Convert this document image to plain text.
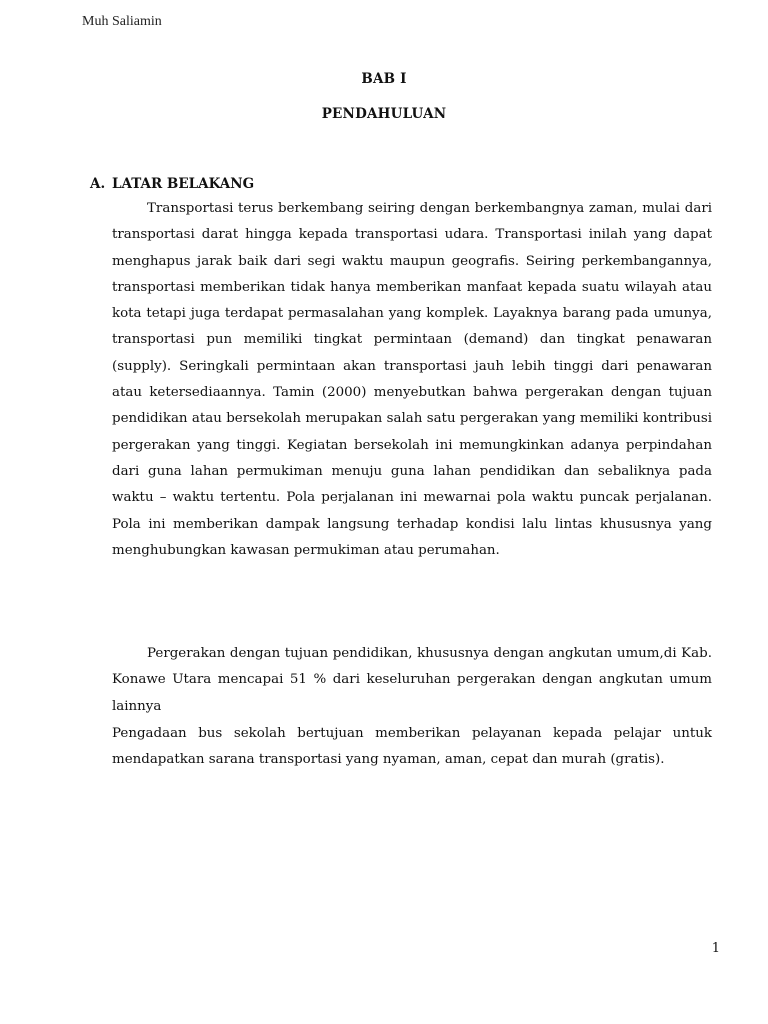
Muh Saliamin
BAB I
PENDAHULUAN
A. LATAR BELAKANG

Transportasi terus berkembang seiring dengan berkembangnya zaman, mulai dari transportasi darat hingga kepada transportasi udara. Transportasi inilah yang dapat menghapus jarak baik dari segi waktu maupun geografis. Seiring perkembangannya, transportasi memberikan tidak hanya memberikan manfaat kepada suatu wilayah atau kota tetapi juga terdapat permasalahan yang komplek. Layaknya barang pada umunya, transportasi pun memiliki tingkat permintaan (demand) dan tingkat penawaran (supply). Seringkali permintaan akan transportasi jauh lebih tinggi dari penawaran atau ketersediaannya. Tamin (2000) menyebutkan bahwa pergerakan dengan tujuan pendidikan atau bersekolah merupakan salah satu pergerakan yang memiliki kontribusi pergerakan yang tinggi. Kegiatan bersekolah ini memungkinkan adanya perpindahan dari guna lahan permukiman menuju guna lahan pendidikan dan sebaliknya pada waktu – waktu tertentu. Pola perjalanan ini mewarnai pola waktu puncak perjalanan. Pola ini memberikan dampak langsung terhadap kondisi lalu lintas khususnya yang menghubungkan kawasan permukiman atau perumahan.

Pergerakan dengan tujuan pendidikan, khususnya dengan angkutan umum,di Kab. Konawe Utara mencapai 51 % dari keseluruhan pergerakan dengan angkutan umum lainnya

Pengadaan bus sekolah bertujuan memberikan pelayanan kepada pelajar untuk mendapatkan sarana transportasi yang nyaman, aman, cepat dan murah (gratis).

1
